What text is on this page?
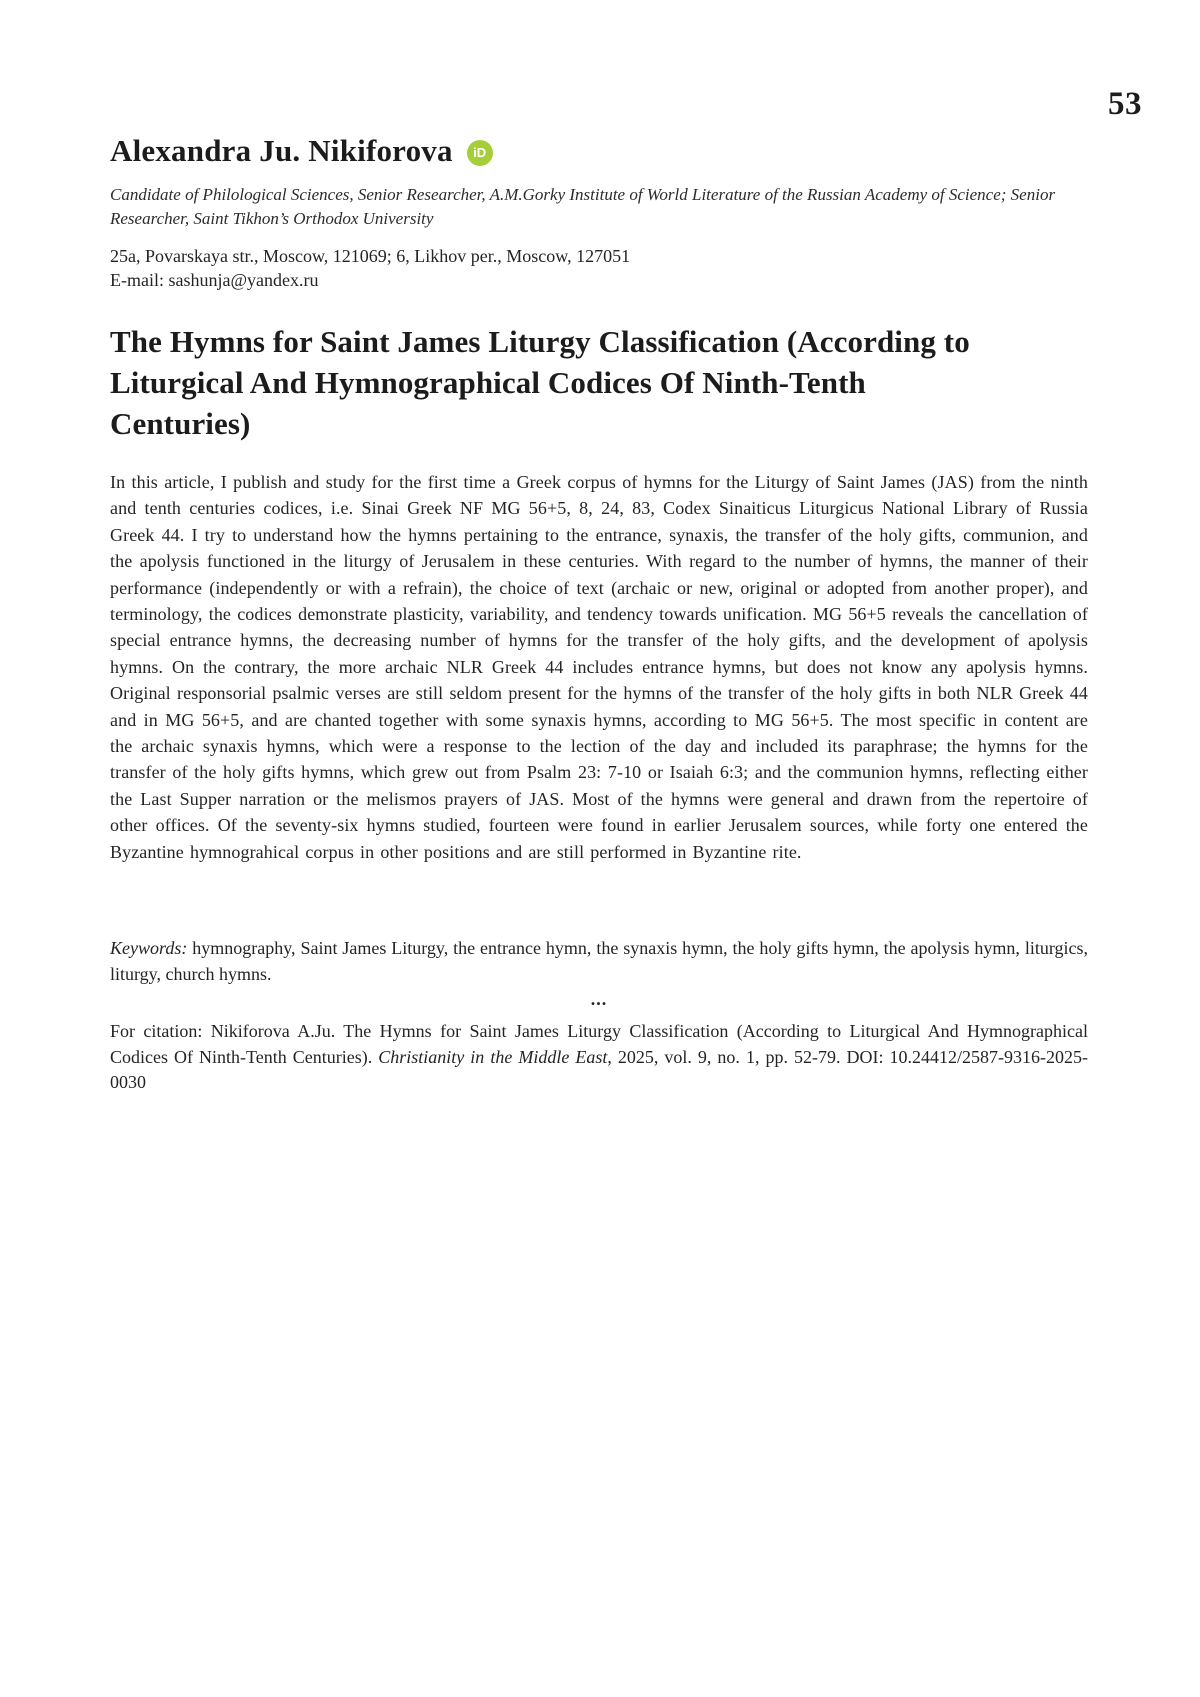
53
Alexandra Ju. Nikiforova iD

Candidate of Philological Sciences, Senior Researcher, A.M.Gorky Institute of World Literature of the Russian Academy of Science; Senior Researcher, Saint Tikhon’s Orthodox University

25a, Povarskaya str., Moscow, 121069; 6, Likhov per., Moscow, 127051
E-mail: sashunja@yandex.ru
The Hymns for Saint James Liturgy Classification (According to Liturgical And Hymnographical Codices Of Ninth-Tenth Centuries)

In this article, I publish and study for the first time a Greek corpus of hymns for the Liturgy of Saint James (JAS) from the ninth and tenth centuries codices, i.e. Sinai Greek NF MG 56+5, 8, 24, 83, Codex Sinaiticus Liturgicus National Library of Russia Greek 44. I try to understand how the hymns pertaining to the entrance, synaxis, the transfer of the holy gifts, communion, and the apolysis functioned in the liturgy of Jerusalem in these centuries. With regard to the number of hymns, the manner of their performance (independently or with a refrain), the choice of text (archaic or new, original or adopted from another proper), and terminology, the codices demonstrate plasticity, variability, and tendency towards unification. MG 56+5 reveals the cancellation of special entrance hymns, the decreasing number of hymns for the transfer of the holy gifts, and the development of apolysis hymns. On the contrary, the more archaic NLR Greek 44 includes entrance hymns, but does not know any apolysis hymns. Original responsorial psalmic verses are still seldom present for the hymns of the transfer of the holy gifts in both NLR Greek 44 and in MG 56+5, and are chanted together with some synaxis hymns, according to MG 56+5. The most specific in content are the archaic synaxis hymns, which were a response to the lection of the day and included its paraphrase; the hymns for the transfer of the holy gifts hymns, which grew out from Psalm 23: 7-10 or Isaiah 6:3; and the communion hymns, reflecting either the Last Supper narration or the melismos prayers of JAS. Most of the hymns were general and drawn from the repertoire of other offices. Of the seventy-six hymns studied, fourteen were found in earlier Jerusalem sources, while forty one entered the Byzantine hymnograhical corpus in other positions and are still performed in Byzantine rite.

Keywords: hymnography, Saint James Liturgy, the entrance hymn, the synaxis hymn, the holy gifts hymn, the apolysis hymn, liturgics, liturgy, church hymns.

...

For citation: Nikiforova A.Ju. The Hymns for Saint James Liturgy Classification (According to Liturgical And Hymnographical Codices Of Ninth-Tenth Centuries). Christianity in the Middle East, 2025, vol. 9, no. 1, pp. 52-79. DOI: 10.24412/2587-9316-2025-0030
